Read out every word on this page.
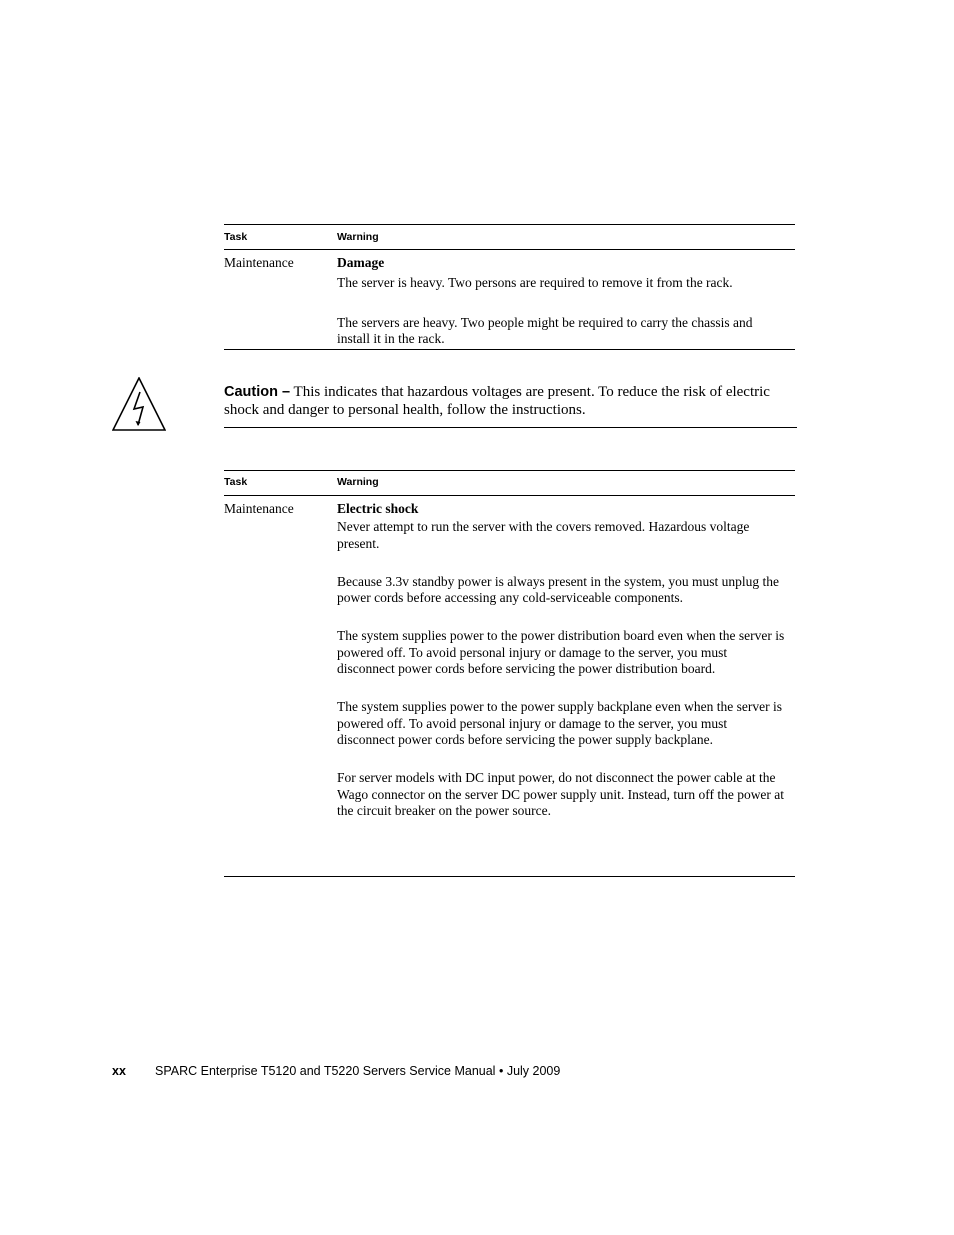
Task	Warning
Maintenance	Damage

The server is heavy. Two persons are required to remove it from the rack.

The servers are heavy. Two people might be required to carry the chassis and install it in the rack.

Caution – This indicates that hazardous voltages are present. To reduce the risk of electric shock and danger to personal health, follow the instructions.
Task	Warning
Maintenance	Electric shock

Never attempt to run the server with the covers removed. Hazardous voltage present.

Because 3.3v standby power is always present in the system, you must unplug the power cords before accessing any cold-serviceable components.

The system supplies power to the power distribution board even when the server is powered off. To avoid personal injury or damage to the server, you must disconnect power cords before servicing the power distribution board.

The system supplies power to the power supply backplane even when the server is powered off. To avoid personal injury or damage to the server, you must disconnect power cords before servicing the power supply backplane.

For server models with DC input power, do not disconnect the power cable at the Wago connector on the server DC power supply unit. Instead, turn off the power at the circuit breaker on the power source.

xx SPARC Enterprise T5120 and T5220 Servers Service Manual • July 2009
